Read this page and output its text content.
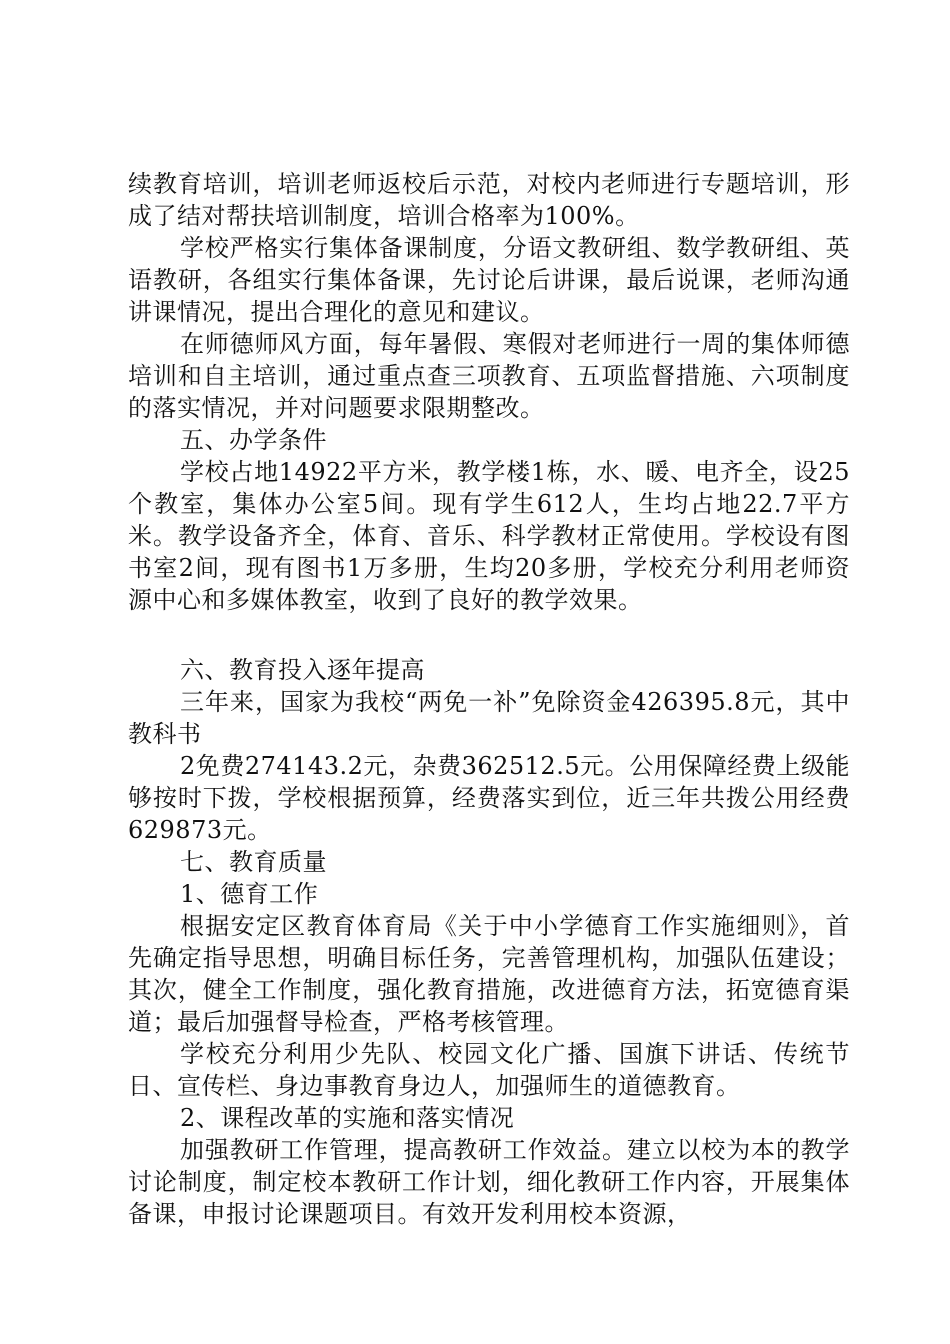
续教育培训，培训老师返校后示范，对校内老师进行专题培训，形成了结对帮扶培训制度，培训合格率为100%。

学校严格实行集体备课制度，分语文教研组、数学教研组、英语教研，各组实行集体备课，先讨论后讲课，最后说课，老师沟通讲课情况，提出合理化的意见和建议。

在师德师风方面，每年暑假、寒假对老师进行一周的集体师德培训和自主培训，通过重点查三项教育、五项监督措施、六项制度的落实情况，并对问题要求限期整改。

五、办学条件

学校占地14922平方米，教学楼1栋，水、暖、电齐全，设25个教室，集体办公室5间。现有学生612人，生均占地22.7平方米。教学设备齐全，体育、音乐、科学教材正常使用。学校设有图书室2间，现有图书1万多册，生均20多册，学校充分利用老师资源中心和多媒体教室，收到了良好的教学效果。

六、教育投入逐年提高

三年来，国家为我校“两免一补”免除资金426395.8元，其中教科书

2免费274143.2元，杂费362512.5元。公用保障经费上级能够按时下拨，学校根据预算，经费落实到位，近三年共拨公用经费629873元。

七、教育质量

1、德育工作

根据安定区教育体育局《关于中小学德育工作实施细则》，首先确定指导思想，明确目标任务，完善管理机构，加强队伍建设；其次，健全工作制度，强化教育措施，改进德育方法，拓宽德育渠道；最后加强督导检查，严格考核管理。

学校充分利用少先队、校园文化广播、国旗下讲话、传统节日、宣传栏、身边事教育身边人，加强师生的道德教育。

2、课程改革的实施和落实情况

加强教研工作管理，提高教研工作效益。建立以校为本的教学讨论制度，制定校本教研工作计划，细化教研工作内容，开展集体备课，申报讨论课题项目。有效开发利用校本资源，
